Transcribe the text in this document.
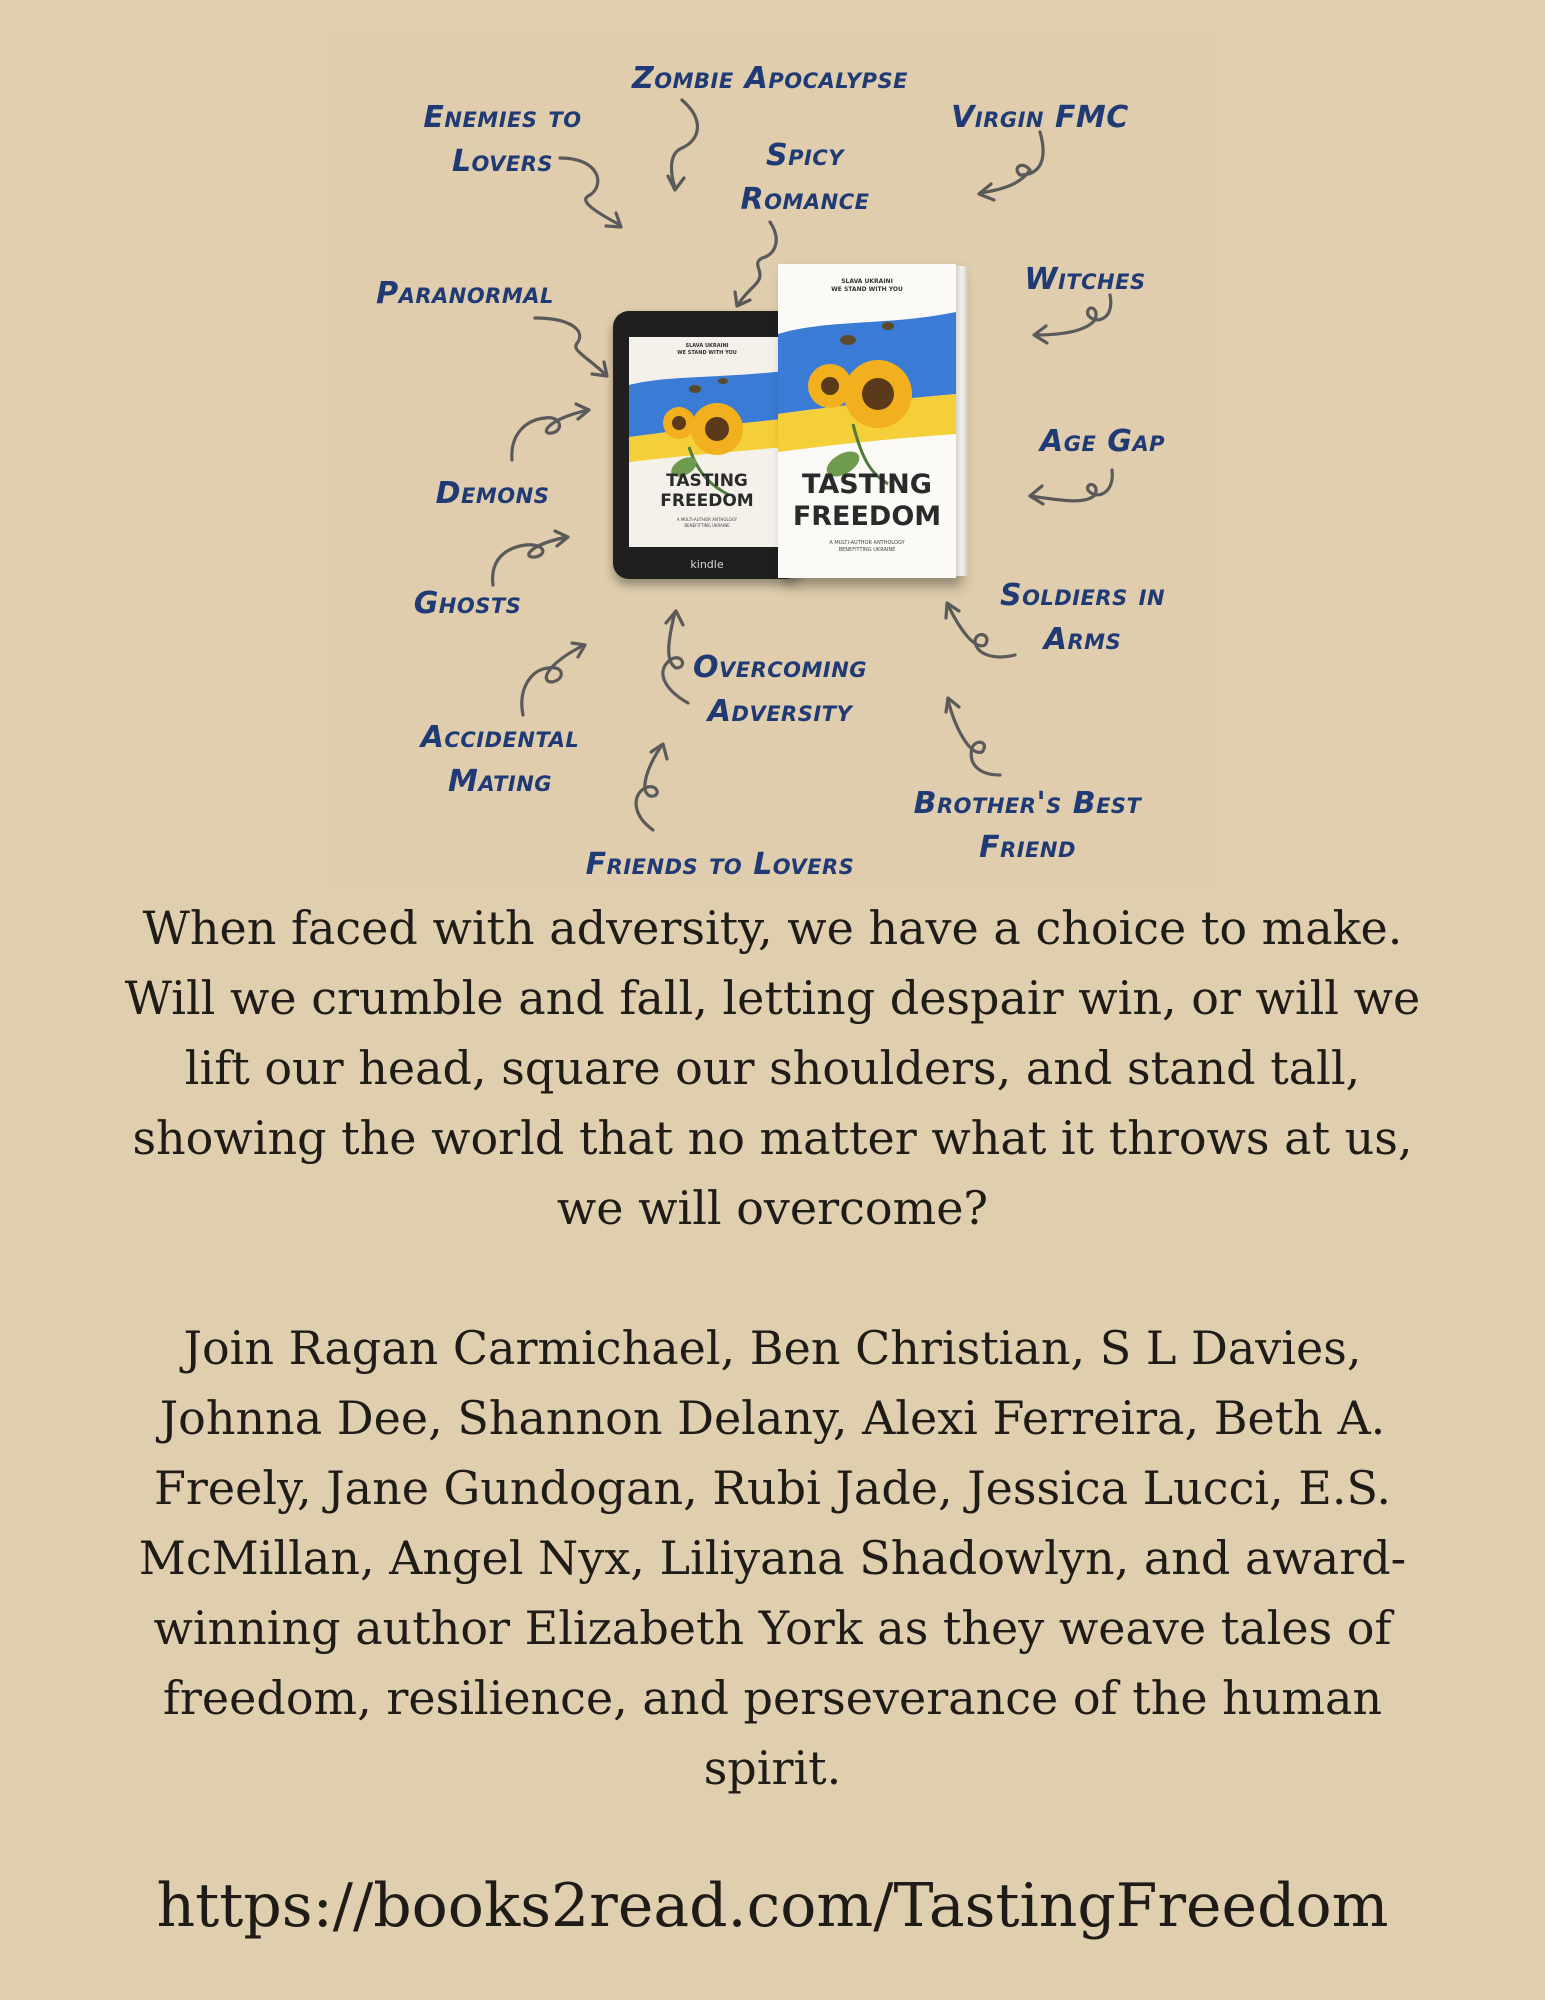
Zombie Apocalypse
Enemies to
Lovers
Virgin FMC
Spicy
Romance
Paranormal	Witches
Age Gap
Demons
Ghosts	Soldiers in
Arms
Overcoming
Adversity
Accidental
Mating
Brother's Best
Friend
Friends to Lovers
SLAVA UKRAINI
WE STAND WITH YOU
TASTING
FREEDOM
A MULTI-AUTHOR ANTHOLOGY
BENEFITTING UKRAINE
kindle
SLAVA UKRAINI
WE STAND WITH YOU
TASTING
FREEDOM
A MULTI-AUTHOR ANTHOLOGY
BENEFITTING UKRAINE
When faced with adversity, we have a choice to make. Will we crumble and fall, letting despair win, or will we lift our head, square our shoulders, and stand tall, showing the world that no matter what it throws at us, we will overcome?
Join Ragan Carmichael, Ben Christian, S L Davies, Johnna Dee, Shannon Delany, Alexi Ferreira, Beth A. Freely, Jane Gundogan, Rubi Jade, Jessica Lucci, E.S. McMillan, Angel Nyx, Liliyana Shadowlyn, and award-winning author Elizabeth York as they weave tales of freedom, resilience, and perseverance of the human spirit.
https://books2read.com/TastingFreedom
